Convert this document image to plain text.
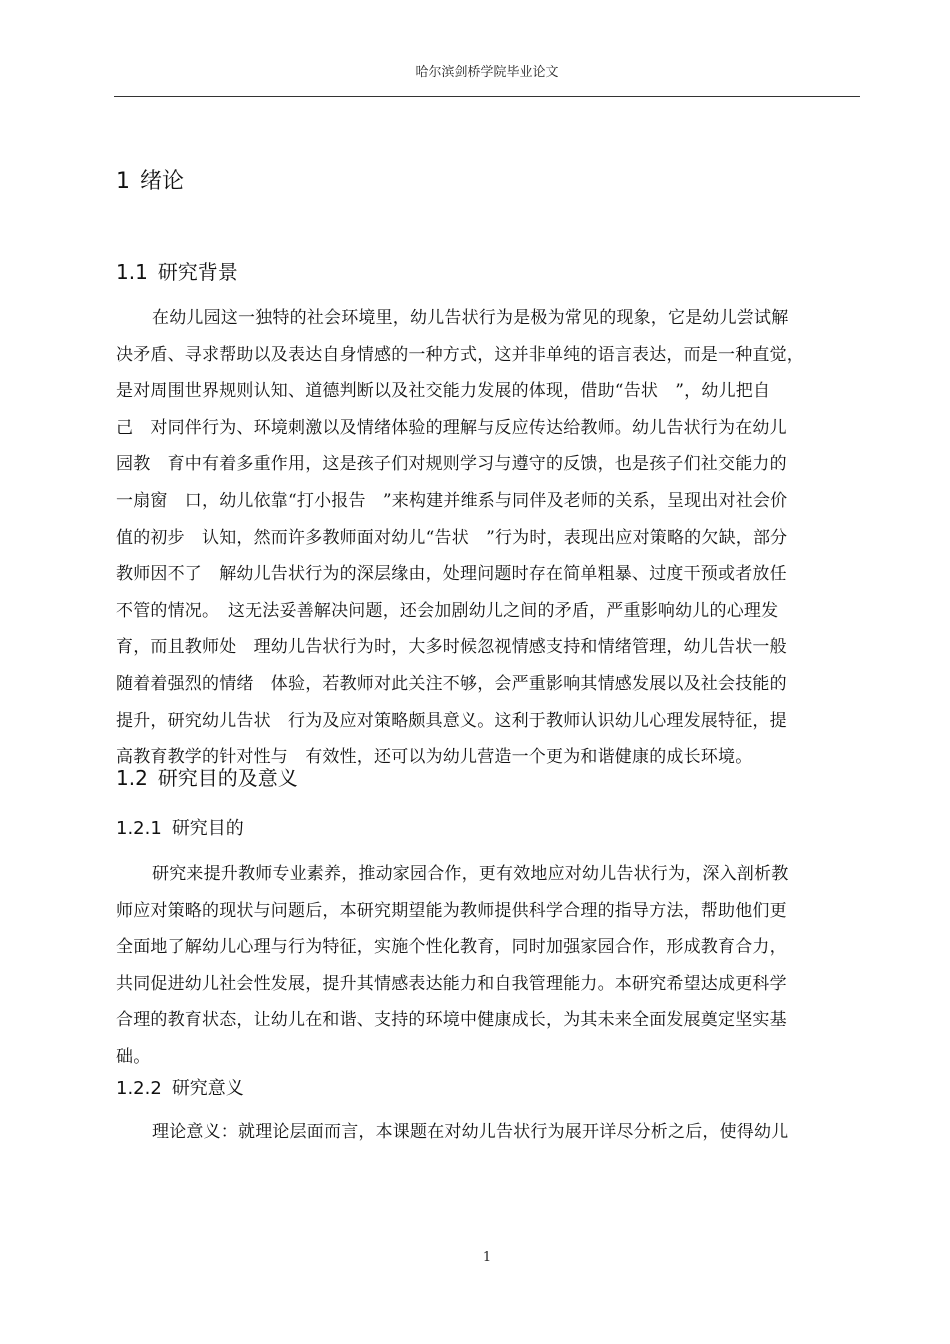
哈尔滨剑桥学院毕业论文
1 绪论
1.1 研究背景
在幼儿园这一独特的社会环境里，幼儿告状行为是极为常见的现象，它是幼儿尝试解
决矛盾、寻求帮助以及表达自身情感的一种方式，这并非单纯的语言表达，而是一种直觉，
是对周围世界规则认知、道德判断以及社交能力发展的体现，借助“告状　”，幼儿把自
己　对同伴行为、环境刺激以及情绪体验的理解与反应传达给教师。幼儿告状行为在幼儿
园教　育中有着多重作用，这是孩子们对规则学习与遵守的反馈，也是孩子们社交能力的
一扇窗　口，幼儿依靠“打小报告　”来构建并维系与同伴及老师的关系，呈现出对社会价
值的初步　认知，然而许多教师面对幼儿“告状　”行为时，表现出应对策略的欠缺，部分
教师因不了　解幼儿告状行为的深层缘由，处理问题时存在简单粗暴、过度干预或者放任
不管的情况。　这无法妥善解决问题，还会加剧幼儿之间的矛盾，严重影响幼儿的心理发
育，而且教师处　理幼儿告状行为时，大多时候忽视情感支持和情绪管理，幼儿告状一般
随着着强烈的情绪　体验，若教师对此关注不够，会严重影响其情感发展以及社会技能的
提升，研究幼儿告状　行为及应对策略颇具意义。这利于教师认识幼儿心理发展特征，提
高教育教学的针对性与　有效性，还可以为幼儿营造一个更为和谐健康的成长环境。
1.2 研究目的及意义
1.2.1 研究目的
研究来提升教师专业素养，推动家园合作，更有效地应对幼儿告状行为，深入剖析教
师应对策略的现状与问题后，本研究期望能为教师提供科学合理的指导方法，帮助他们更
全面地了解幼儿心理与行为特征，实施个性化教育，同时加强家园合作，形成教育合力，
共同促进幼儿社会性发展，提升其情感表达能力和自我管理能力。本研究希望达成更科学
合理的教育状态，让幼儿在和谐、支持的环境中健康成长，为其未来全面发展奠定坚实基
础。
1.2.2 研究意义
理论意义：就理论层面而言，本课题在对幼儿告状行为展开详尽分析之后，使得幼儿
1
